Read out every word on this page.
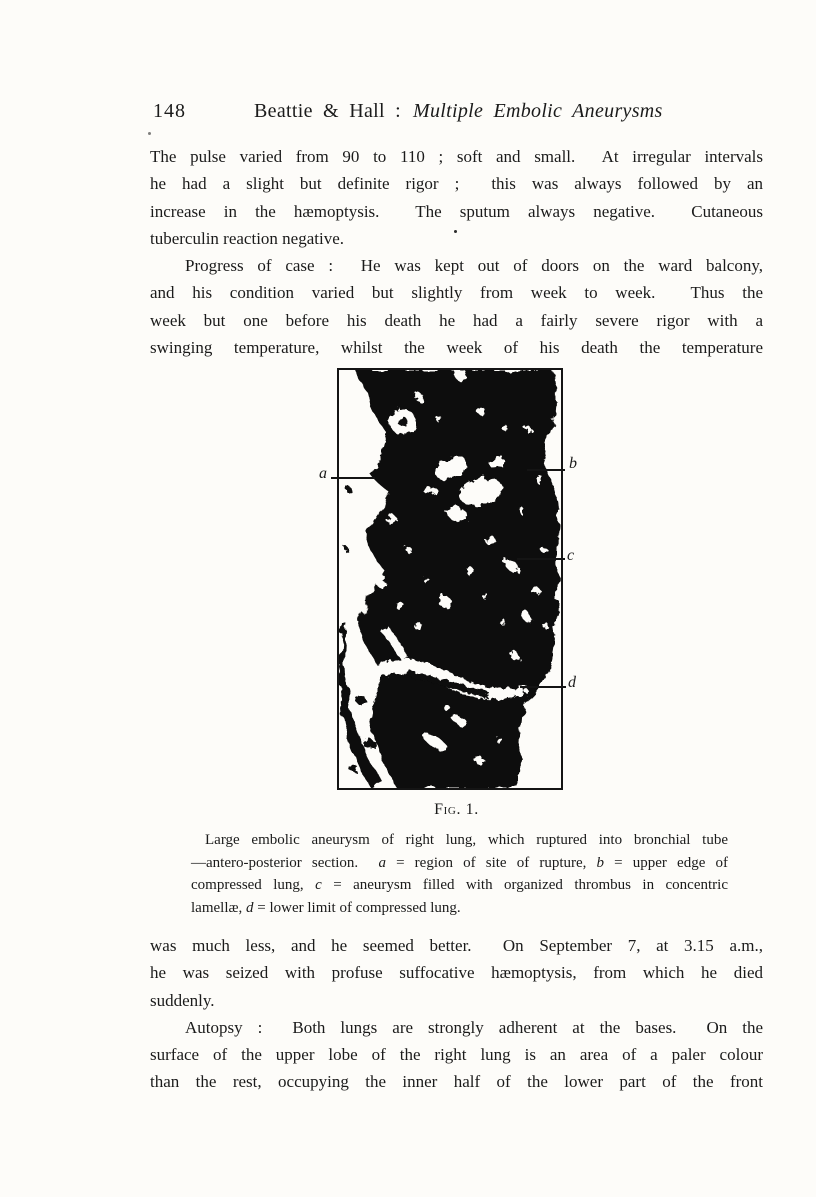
148	Beattie & Hall : Multiple Embolic Aneurysms
The pulse varied from 90 to 110 ; soft and small.  At irregular intervals
he had a slight but definite rigor ;  this was always followed by an
increase in the hæmoptysis.  The sputum always negative.  Cutaneous
tuberculin reaction negative.
Progress of case :  He was kept out of doors on the ward balcony,
and his condition varied but slightly from week to week.  Thus the
week but one before his death he had a fairly severe rigor with a
swinging temperature, whilst the week of his death the temperature
a
b
c
d
Fig. 1.
Large embolic aneurysm of right lung, which ruptured into bronchial tube
—antero-posterior section.  a = region of site of rupture, b = upper edge of
compressed lung, c = aneurysm filled with organized thrombus in concentric
lamellæ, d = lower limit of compressed lung.
was much less, and he seemed better.  On September 7, at 3.15 a.m.,
he was seized with profuse suffocative hæmoptysis, from which he died
suddenly.
Autopsy :  Both lungs are strongly adherent at the bases.  On the
surface of the upper lobe of the right lung is an area of a paler colour
than the rest, occupying the inner half of the lower part of the front
